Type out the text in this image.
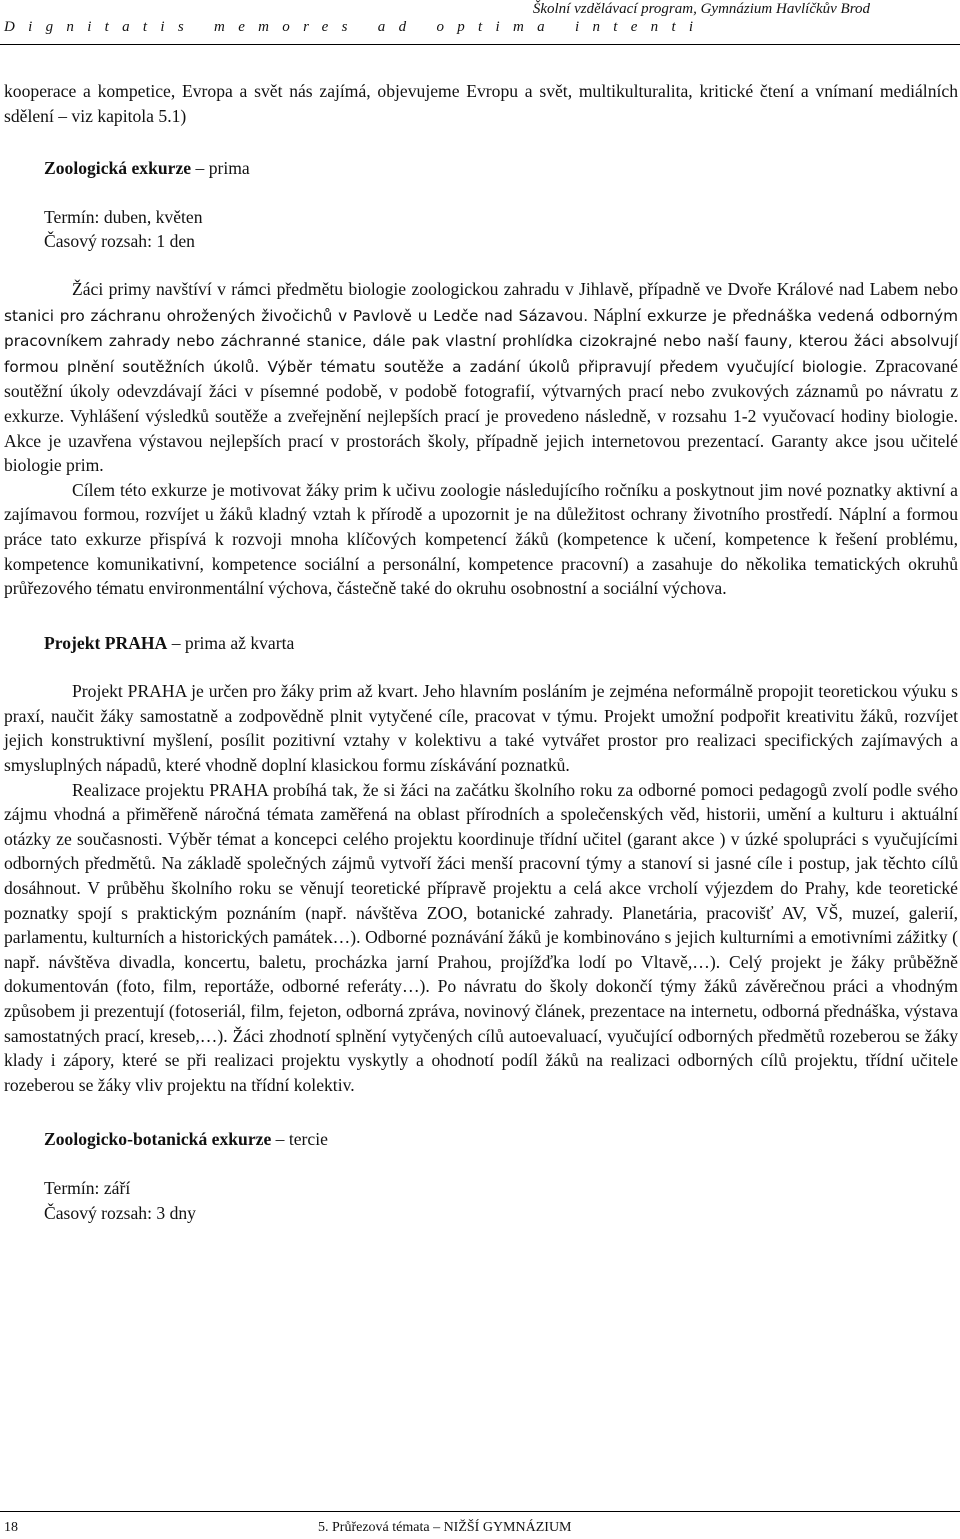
Školní vzdělávací program, Gymnázium Havlíčkův Brod
Dignitatis memores ad optima intenti

kooperace a kompetice, Evropa a svět nás zajímá, objevujeme Evropu a svět, multikulturalita, kritické čtení a vnímaní mediálních sdělení – viz kapitola 5.1)

Zoologická exkurze – prima

Termín: duben, květen

Časový rozsah: 1 den

Žáci primy navštíví v rámci předmětu biologie zoologickou zahradu v Jihlavě, případně ve Dvoře Králové nad Labem nebo stanici pro záchranu ohrožených živočichů v Pavlově u Ledče nad Sázavou. Náplní exkurze je přednáška vedená odborným pracovníkem zahrady nebo záchranné stanice, dále pak vlastní prohlídka cizokrajné nebo naší fauny, kterou žáci absolvují formou plnění soutěžních úkolů. Výběr tématu soutěže a zadání úkolů připravují předem vyučující biologie. Zpracované soutěžní úkoly odevzdávají žáci v písemné podobě, v podobě fotografií, výtvarných prací nebo zvukových záznamů po návratu z exkurze. Vyhlášení výsledků soutěže a zveřejnění nejlepších prací je provedeno následně, v rozsahu 1-2 vyučovací hodiny biologie. Akce je uzavřena výstavou nejlepších prací v prostorách školy, případně jejich internetovou prezentací. Garanty akce jsou učitelé biologie prim.

Cílem této exkurze je motivovat žáky prim k učivu zoologie následujícího ročníku a poskytnout jim nové poznatky aktivní a zajímavou formou, rozvíjet u žáků kladný vztah k přírodě a upozornit je na důležitost ochrany životního prostředí. Náplní a formou práce tato exkurze přispívá k rozvoji mnoha klíčových kompetencí žáků (kompetence k učení, kompetence k řešení problému, kompetence komunikativní, kompetence sociální a personální, kompetence pracovní) a zasahuje do několika tematických okruhů průřezového tématu environmentální výchova, částečně také do okruhu osobnostní a sociální výchova.

Projekt PRAHA – prima až kvarta

Projekt PRAHA je určen pro žáky prim až kvart. Jeho hlavním posláním je zejména neformálně propojit teoretickou výuku s praxí, naučit žáky samostatně a zodpovědně plnit vytyčené cíle, pracovat v týmu. Projekt umožní podpořit kreativitu žáků, rozvíjet jejich konstruktivní myšlení, posílit pozitivní vztahy v kolektivu a také vytvářet prostor pro realizaci specifických zajímavých a smysluplných nápadů, které vhodně doplní klasickou formu získávání poznatků.

Realizace projektu PRAHA probíhá tak, že si žáci na začátku školního roku za odborné pomoci pedagogů zvolí podle svého zájmu vhodná a přiměřeně náročná témata zaměřená na oblast přírodních a společenských věd, historii, umění a kulturu i aktuální otázky ze současnosti. Výběr témat a koncepci celého projektu koordinuje třídní učitel (garant akce ) v úzké spolupráci s vyučujícími odborných předmětů. Na základě společných zájmů vytvoří žáci menší pracovní týmy a stanoví si jasné cíle i postup, jak těchto cílů dosáhnout. V průběhu školního roku se věnují teoretické přípravě projektu a celá akce vrcholí výjezdem do Prahy, kde teoretické poznatky spojí s praktickým poznáním (např. návštěva ZOO, botanické zahrady. Planetária, pracovišť AV, VŠ, muzeí, galerií, parlamentu, kulturních a historických památek…). Odborné poznávání žáků je kombinováno s jejich kulturními a emotivními zážitky ( např. návštěva divadla, koncertu, baletu, procházka jarní Prahou, projížďka lodí po Vltavě,…). Celý projekt je žáky průběžně dokumentován (foto, film, reportáže, odborné referáty…). Po návratu do školy dokončí týmy žáků závěrečnou práci a vhodným způsobem ji prezentují (fotoseriál, film, fejeton, odborná zpráva, novinový článek, prezentace na internetu, odborná přednáška, výstava samostatných prací, kreseb,…). Žáci zhodnotí splnění vytyčených cílů autoevaluací, vyučující odborných předmětů rozeberou se žáky klady i zápory, které se při realizaci projektu vyskytly a ohodnotí podíl žáků na realizaci odborných cílů projektu, třídní učitele rozeberou se žáky vliv projektu na třídní kolektiv.

Zoologicko-botanická exkurze – tercie

Termín: září

Časový rozsah: 3 dny

18	5. Průřezová témata – NIŽŠÍ GYMNÁZIUM
